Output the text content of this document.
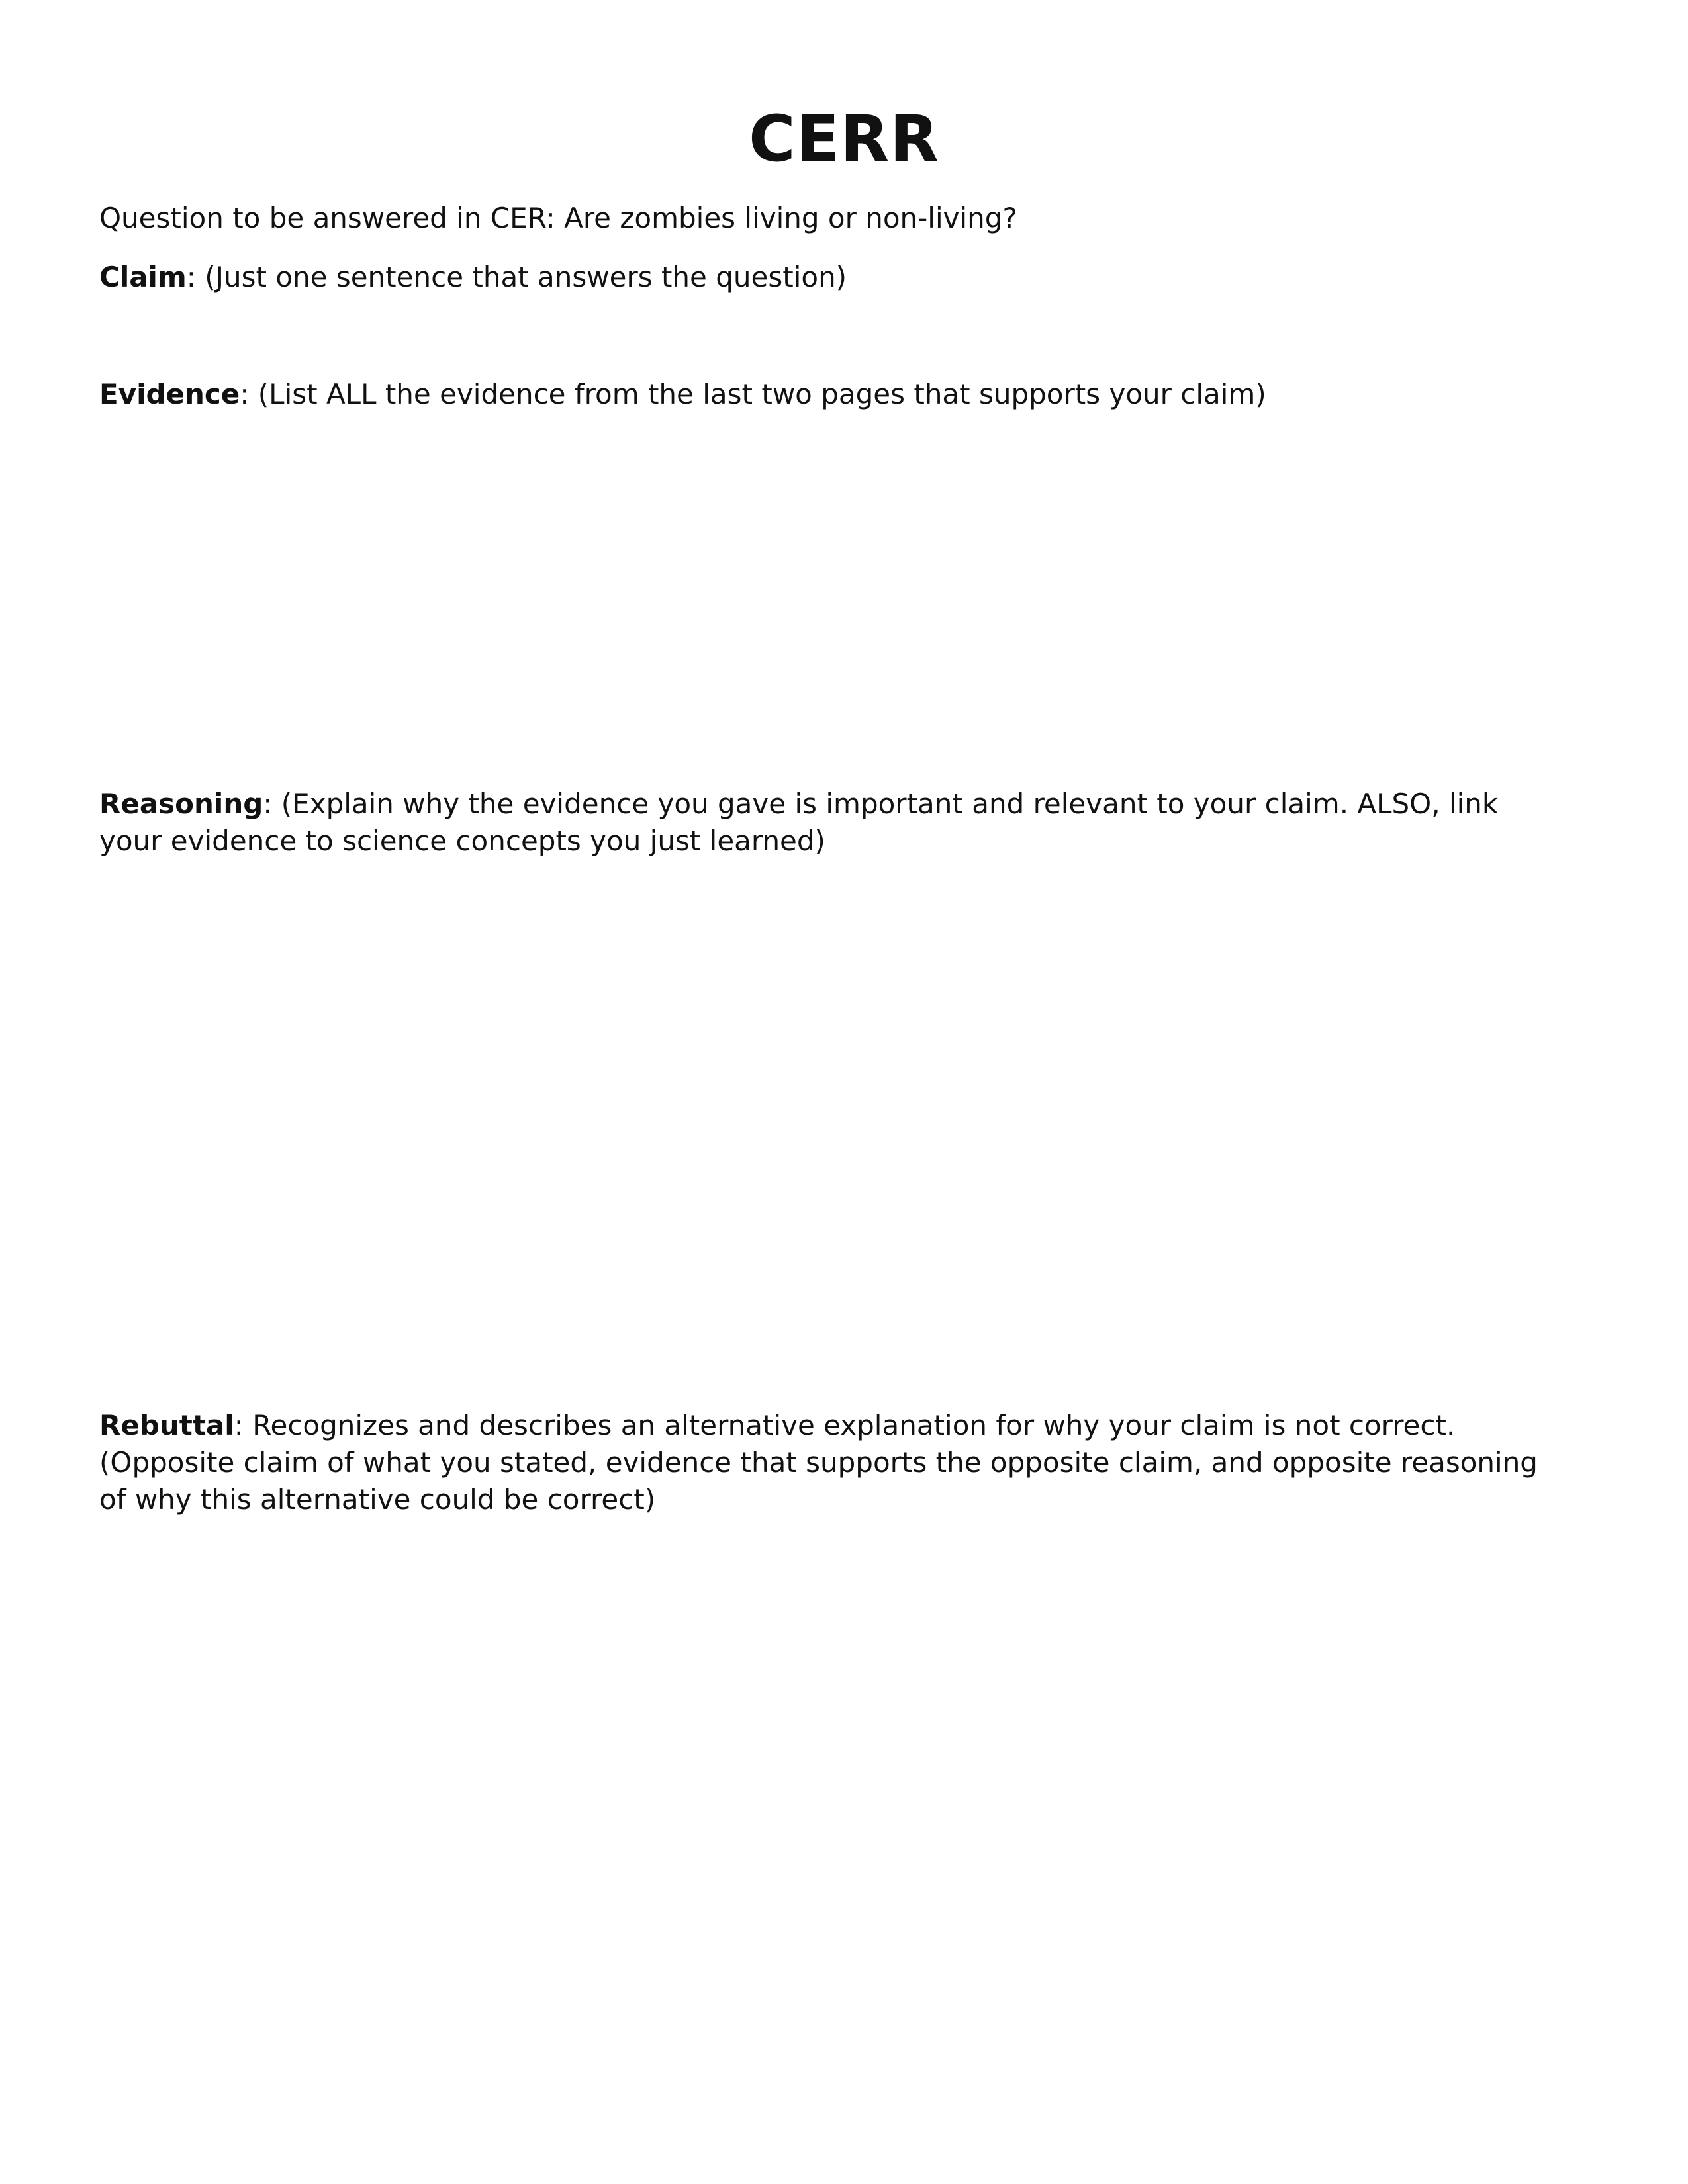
CERR

Question to be answered in CER: Are zombies living or non-living?

Claim: (Just one sentence that answers the question)

Evidence: (List ALL the evidence from the last two pages that supports your claim)

Reasoning: (Explain why the evidence you gave is important and relevant to your claim. ALSO, link your evidence to science concepts you just learned)

Rebuttal: Recognizes and describes an alternative explanation for why your claim is not correct. (Opposite claim of what you stated, evidence that supports the opposite claim, and opposite reasoning of why this alternative could be correct)
